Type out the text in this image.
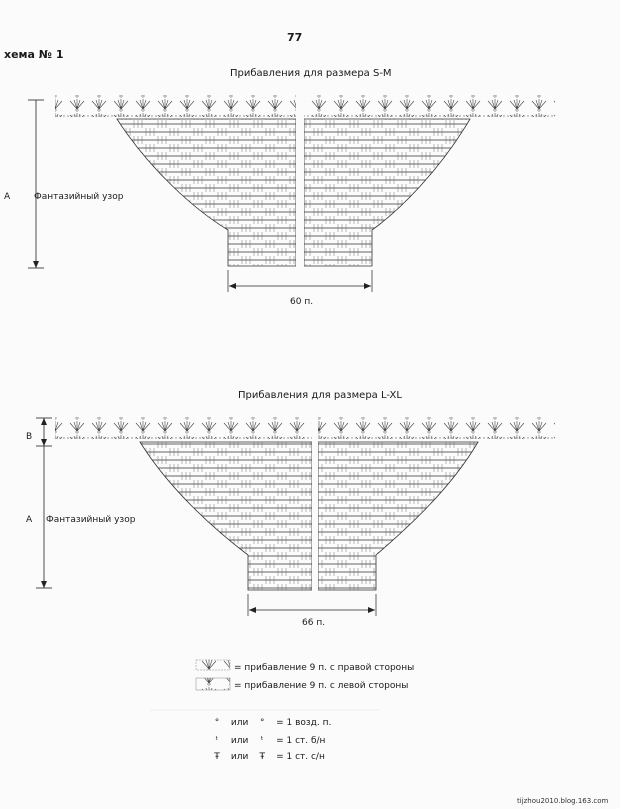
77
хема № 1
Прибавления для размера S-M
A	Фантазийный узор
60 п.
Прибавления для размера L-XL
B
A Фантазийный узор
66 п.
= прибавление 9 п. с правой стороны
= прибавление 9 п. с левой стороны
° или ° = 1 возд. п.
ᵗ или ᵗ = 1 ст. б/н
Ŧ или Ŧ = 1 ст. с/н
tijzhou2010.blog.163.com
